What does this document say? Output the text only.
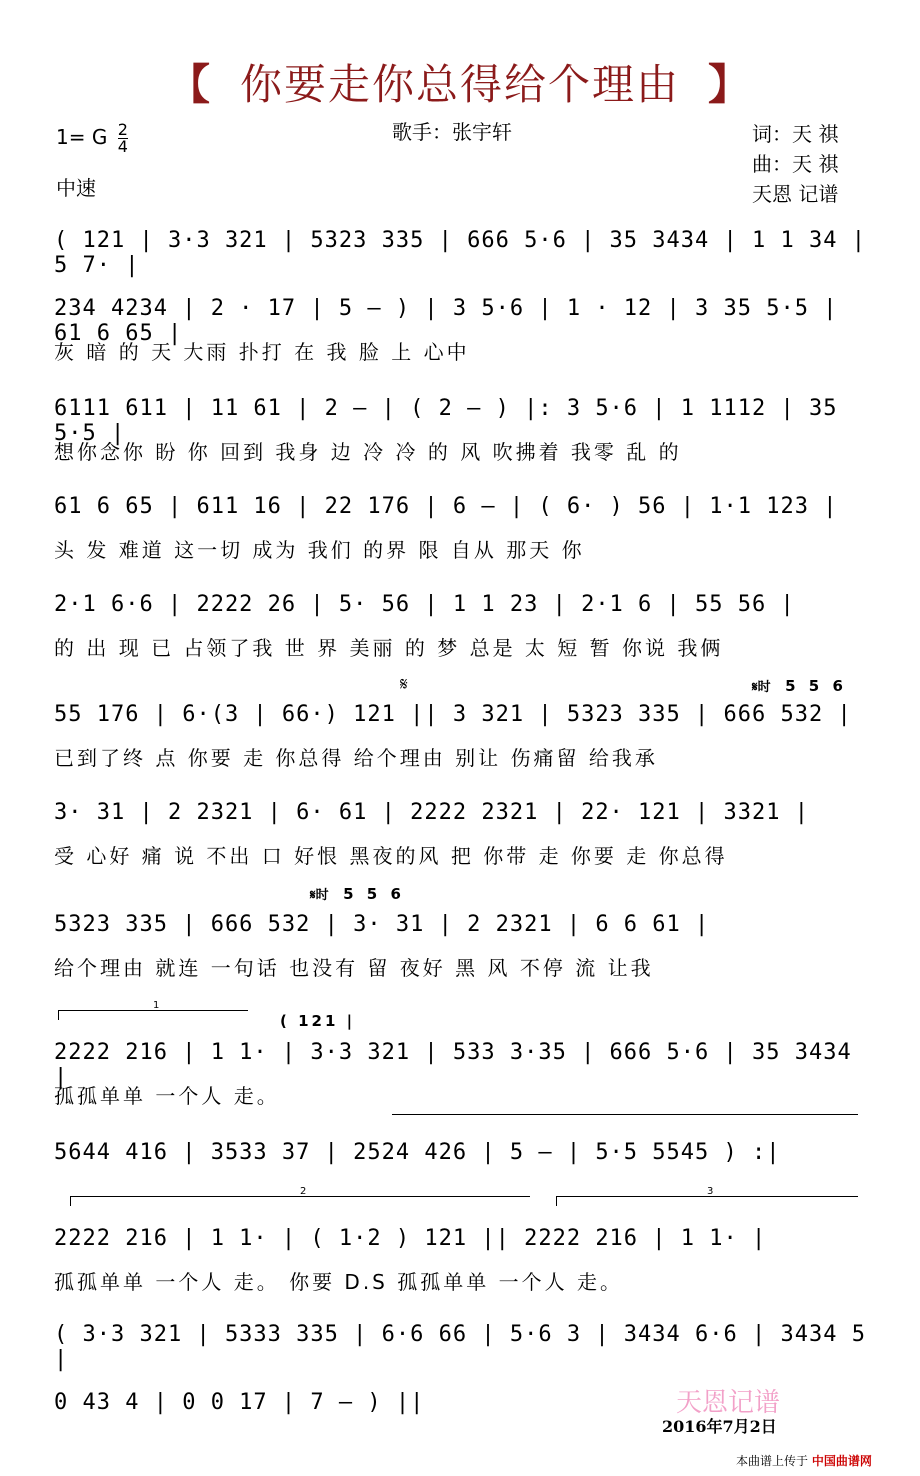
【 你要走你总得给个理由 】
歌手：张宇轩
1= G $\frac{2}{4}$
中速
词：天 祺
曲：天 祺
天恩 记谱
( 121 | 3·3 321 | 5323 335 | 666 5·6 | 35 3434 | 1 1 34 | 5 7· |
234 4234 | 2 · 17 | 5 – ) | 3 5·6 | 1 · 12 | 3 35 5·5 | 61 6 65 |
灰 暗 的 天 大雨 扑打 在 我 脸 上 心中
6111 611 | 11 61 | 2 – | ( 2 – ) |: 3 5·6 | 1 1112 | 35 5·5 |
想你念你 盼 你 回到 我身 边 冷 冷 的 风 吹拂着 我零 乱 的
61 6 65 | 611 16 | 22 176 | 6 – | ( 6· ) 56 | 1·1 123 |
头 发 难道 这一切 成为 我们 的界 限 自从 那天 你
2·1 6·6 | 2222 26 | 5· 56 | 1 1 23 | 2·1 6 | 55 56 |
的 出 现 已 占领了我 世 界 美丽 的 梦 总是 太 短 暂 你说 我俩
55 176 | 6·(3 | 66·) 121 || 3 321 | 5323 335 | 666 532 |
已到了终 点 你要 走 你总得 给个理由 别让 伤痛留 给我承
3· 31 | 2 2321 | 6· 61 | 2222 2321 | 22· 121 | 3321 |
受 心好 痛 说 不出 口 好恨 黑夜的风 把 你带 走 你要 走 你总得
5323 335 | 666 532 | 3· 31 | 2 2321 | 6 6 61 |
给个理由 就连 一句话 也没有 留 夜好 黑 风 不停 流 让我
2222 216 | 1 1· | 3·3 321 | 533 3·35 | 666 5·6 | 35 3434 |
孤孤单单 一个人 走。
5644 416 | 3533 37 | 2524 426 | 5 – | 5·5 5545 ) :|
2222 216 | 1 1· | ( 1·2 ) 121 || 2222 216 | 1 1· |
孤孤单单 一个人 走。 你要 D.S 孤孤单单 一个人 走。
( 3·3 321 | 5333 335 | 6·6 66 | 5·6 3 | 3434 6·6 | 3434 5 |
0 43 4 | 0 0 17 | 7 – ) ||
𝄋	𝄋时 5 5 6
𝄋时 5 5 6
( 121 |
1
2	3
天恩记谱
2016年7月2日
本曲谱上传于 中国曲谱网
